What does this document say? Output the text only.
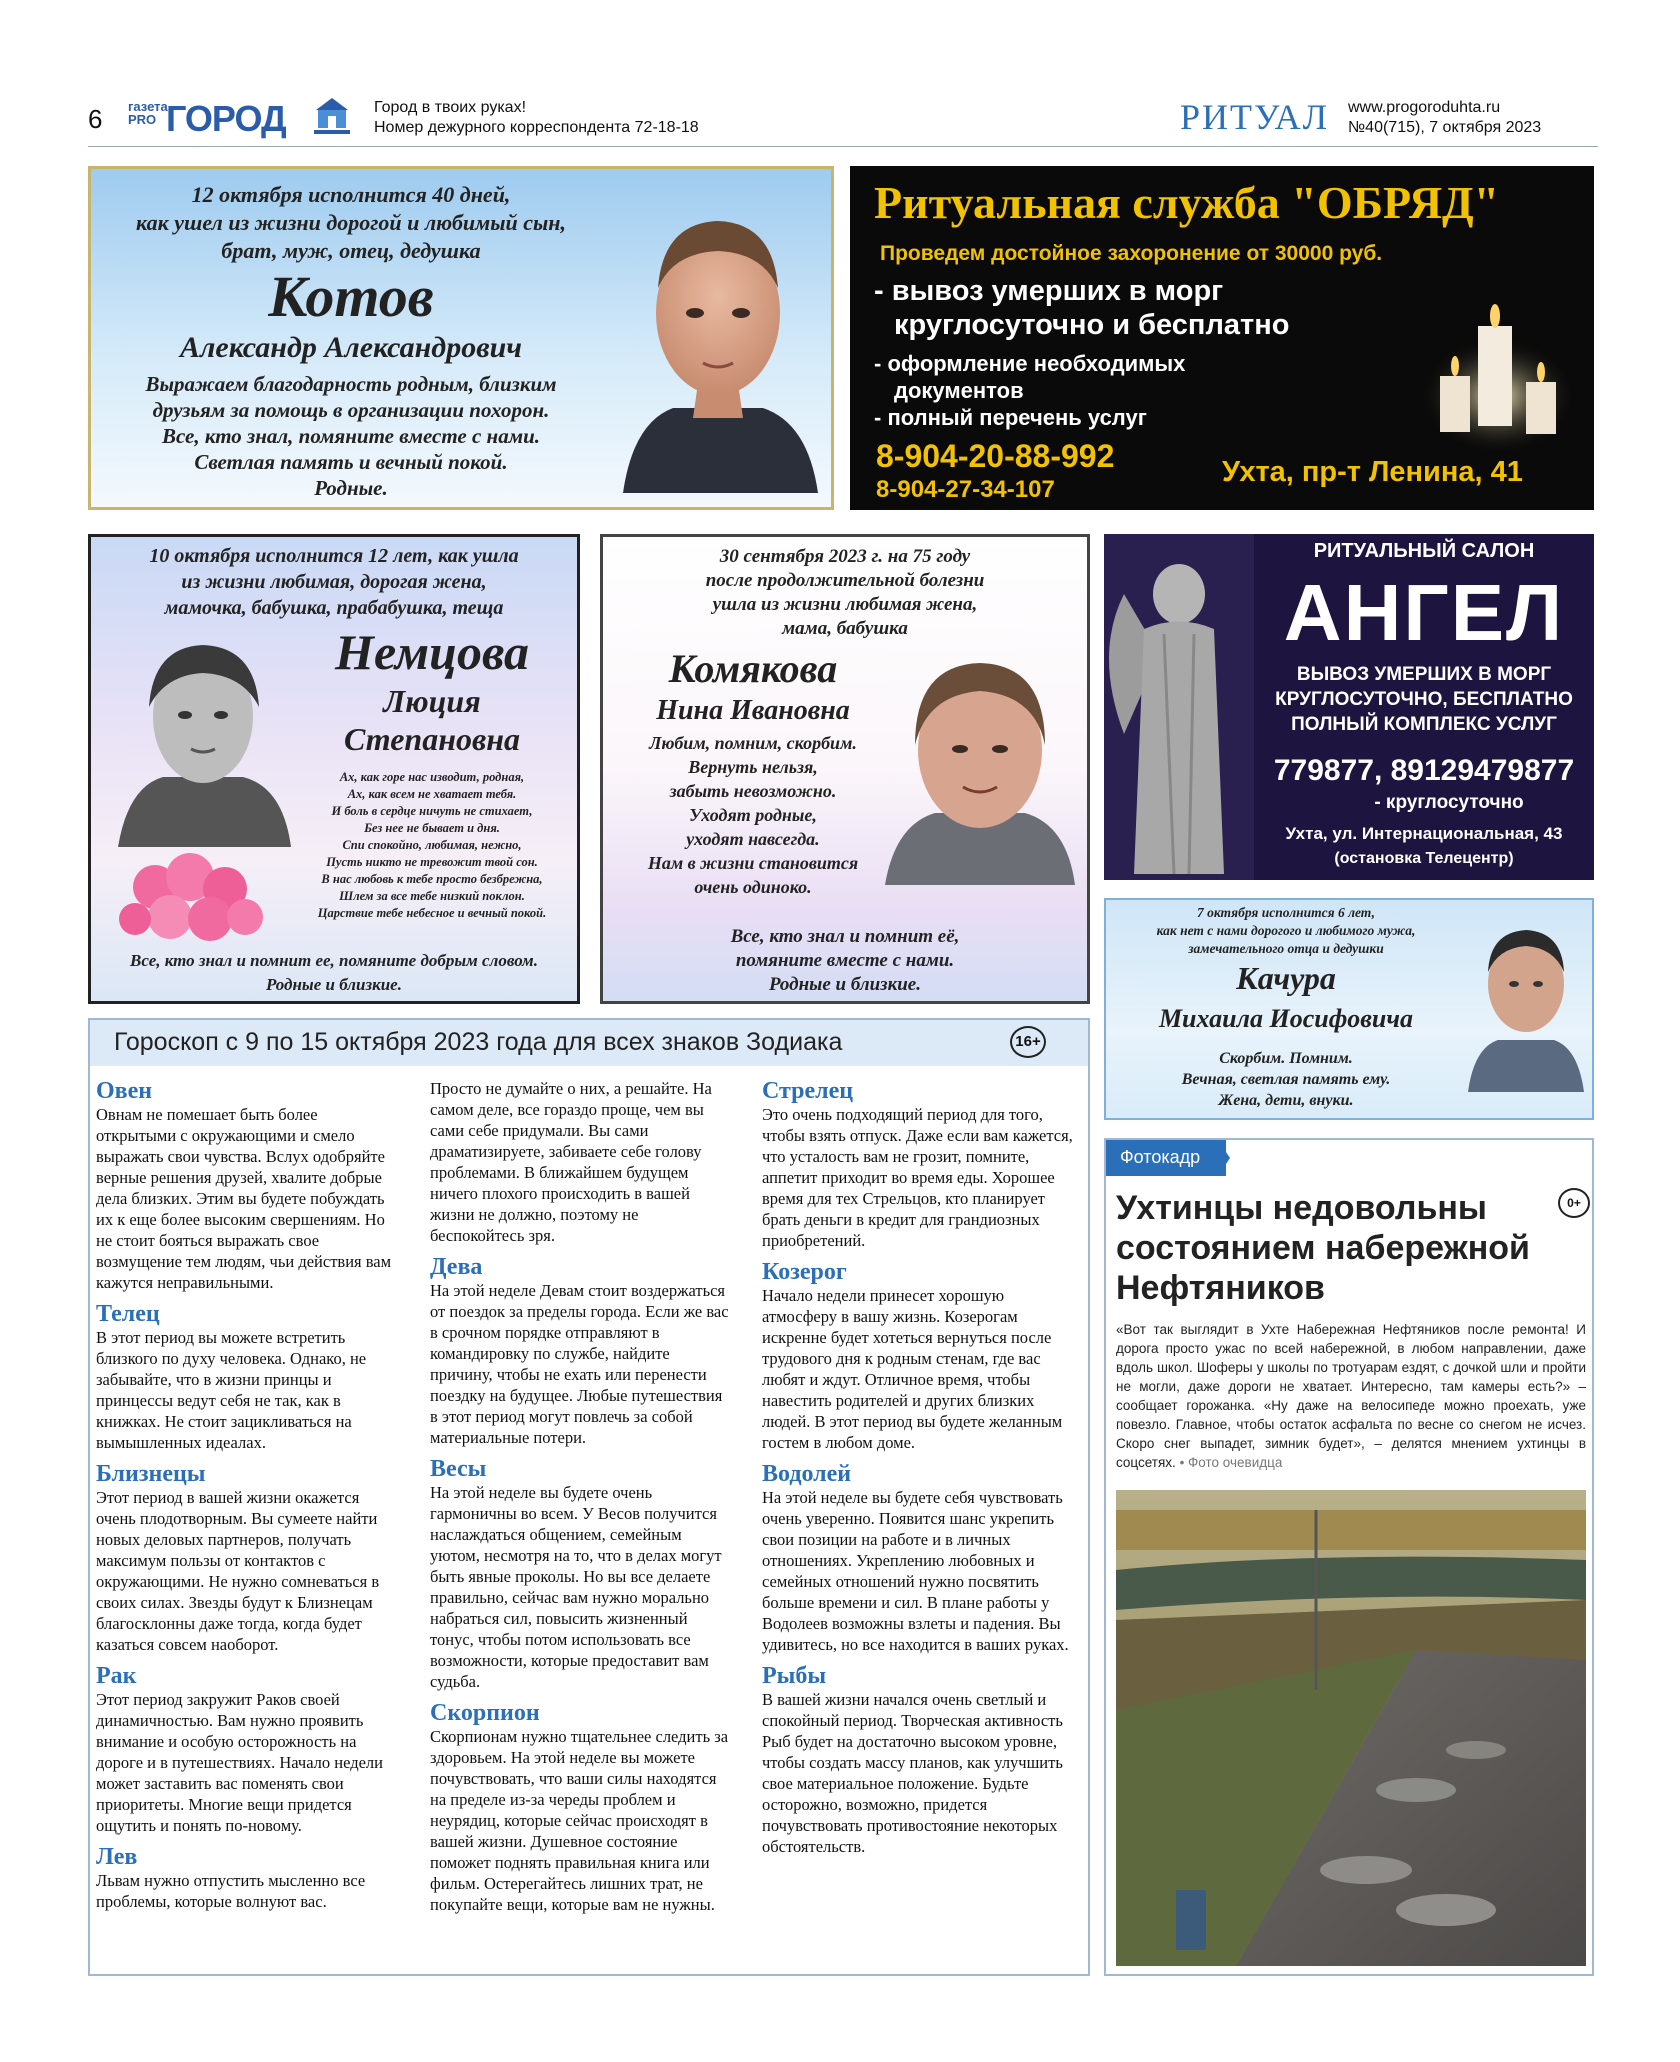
6 газета PRO ГОРОД	Город в твоих руках!
Номер дежурного корреспондента 72-18-18	РИТУАЛ www.progoroduhta.ru
№40(715), 7 октября 2023
12 октября исполнится 40 дней,
как ушел из жизни дорогой и любимый сын,
брат, муж, отец, дедушка
Котов
Александр Александрович
Выражаем благодарность родным, близким
друзьям за помощь в организации похорон.
Все, кто знал, помяните вместе с нами.
Светлая память и вечный покой.
Родные.
Ритуальная служба "ОБРЯД"
Проведем достойное захоронение от 30000 руб.
- вывоз умерших в морг
круглосуточно и бесплатно
- оформление необходимых
документов
- полный перечень услуг
8-904-20-88-992
8-904-27-34-107
Ухта, пр-т Ленина, 41
10 октября исполнится 12 лет, как ушла
из жизни любимая, дорогая жена,
мамочка, бабушка, прабабушка, теща
Немцова
Люция
Степановна
Ах, как горе нас изводит, родная,
Ах, как всем не хватает тебя.
И боль в сердце ничуть не стихает,
Без нее не бывает и дня.
Спи спокойно, любимая, нежно,
Пусть никто не тревожит твой сон.
В нас любовь к тебе просто безбрежна,
Шлем за все тебе низкий поклон.
Царствие тебе небесное и вечный покой.
Все, кто знал и помнит ее, помяните добрым словом.
Родные и близкие.
30 сентября 2023 г. на 75 году
после продолжительной болезни
ушла из жизни любимая жена,
мама, бабушка
Комякова
Нина Ивановна
Любим, помним, скорбим.
Вернуть нельзя,
забыть невозможно.
Уходят родные,
уходят навсегда.
Нам в жизни становится
очень одиноко.
Все, кто знал и помнит её,
помяните вместе с нами.
Родные и близкие.
РИТУАЛЬНЫЙ САЛОН
АНГЕЛ
ВЫВОЗ УМЕРШИХ В МОРГ
КРУГЛОСУТОЧНО, БЕСПЛАТНО
ПОЛНЫЙ КОМПЛЕКС УСЛУГ
779877, 89129479877
- круглосуточно
Ухта, ул. Интернациональная, 43
(остановка Телецентр)
7 октября исполнится 6 лет,
как нет с нами дорогого и любимого мужа,
замечательного отца и дедушки
Качура
Михаила Иосифовича
Скорбим. Помним.
Вечная, светлая память ему.
Жена, дети, внуки.
Гороскоп с 9 по 15 октября 2023 года для всех знаков Зодиака	16+
Овен

Овнам не помешает быть более открытыми с окружающими и смело выражать свои чувства. Вслух одобряйте верные решения друзей, хвалите добрые дела близких. Этим вы будете побуждать их к еще более высоким свершениям. Но не стоит бояться выражать свое возмущение тем людям, чьи действия вам кажутся неправильными.

Телец

В этот период вы можете встретить близкого по духу человека. Однако, не забывайте, что в жизни принцы и принцессы ведут себя не так, как в книжках. Не стоит зацикливаться на вымышленных идеалах.

Близнецы

Этот период в вашей жизни окажется очень плодотворным. Вы сумеете найти новых деловых партнеров, получать максимум пользы от контактов с окружающими. Не нужно сомневаться в своих силах. Звезды будут к Близнецам благосклонны даже тогда, когда будет казаться совсем наоборот.

Рак

Этот период закружит Раков своей динамичностью. Вам нужно проявить внимание и особую осторожность на дороге и в путешествиях. Начало недели может заставить вас поменять свои приоритеты. Многие вещи придется ощутить и понять по-новому.

Лев

Львам нужно отпустить мысленно все проблемы, которые волнуют вас.

Просто не думайте о них, а решайте. На самом деле, все гораздо проще, чем вы сами себе придумали. Вы сами драматизируете, забиваете себе голову проблемами. В ближайшем будущем ничего плохого происходить в вашей жизни не должно, поэтому не беспокойтесь зря.

Дева

На этой неделе Девам стоит воздержаться от поездок за пределы города. Если же вас в срочном порядке отправляют в командировку по службе, найдите причину, чтобы не ехать или перенести поездку на будущее. Любые путешествия в этот период могут повлечь за собой материальные потери.

Весы

На этой неделе вы будете очень гармоничны во всем. У Весов получится наслаждаться общением, семейным уютом, несмотря на то, что в делах могут быть явные проколы. Но вы все делаете правильно, сейчас вам нужно морально набраться сил, повысить жизненный тонус, чтобы потом использовать все возможности, которые предоставит вам судьба.

Скорпион

Скорпионам нужно тщательнее следить за здоровьем. На этой неделе вы можете почувствовать, что ваши силы находятся на пределе из-за череды проблем и неурядиц, которые сейчас происходят в вашей жизни. Душевное состояние поможет поднять правильная книга или фильм. Остерегайтесь лишних трат, не покупайте вещи, которые вам не нужны.

Стрелец

Это очень подходящий период для того, чтобы взять отпуск. Даже если вам кажется, что усталость вам не грозит, помните, аппетит приходит во время еды. Хорошее время для тех Стрельцов, кто планирует брать деньги в кредит для грандиозных приобретений.

Козерог

Начало недели принесет хорошую атмосферу в вашу жизнь. Козерогам искренне будет хотеться вернуться после трудового дня к родным стенам, где вас любят и ждут. Отличное время, чтобы навестить родителей и других близких людей. В этот период вы будете желанным гостем в любом доме.

Водолей

На этой неделе вы будете себя чувствовать очень уверенно. Появится шанс укрепить свои позиции на работе и в личных отношениях. Укреплению любовных и семейных отношений нужно посвятить больше времени и сил. В плане работы у Водолеев возможны взлеты и падения. Вы удивитесь, но все находится в ваших руках.

Рыбы

В вашей жизни начался очень светлый и спокойный период. Творческая активность Рыб будет на достаточно высоком уровне, чтобы создать массу планов, как улучшить свое материальное положение. Будьте осторожно, возможно, придется почувствовать противостояние некоторых обстоятельств.

Фотокадр
Ухтинцы недовольны состоянием набережной Нефтяников
0+
«Вот так выглядит в Ухте Набережная Нефтяников после ремонта! И дорога просто ужас по всей набережной, в любом направлении, даже вдоль школ. Шоферы у школы по тротуарам ездят, с дочкой шли и пройти не могли, даже дороги не хватает. Интересно, там камеры есть?» – сообщает горожанка. «Ну даже на велосипеде можно проехать, уже повезло. Главное, чтобы остаток асфальта по весне со снегом не исчез. Скоро снег выпадет, зимник будет», – делятся мнением ухтинцы в соцсетях. • Фото очевидца
